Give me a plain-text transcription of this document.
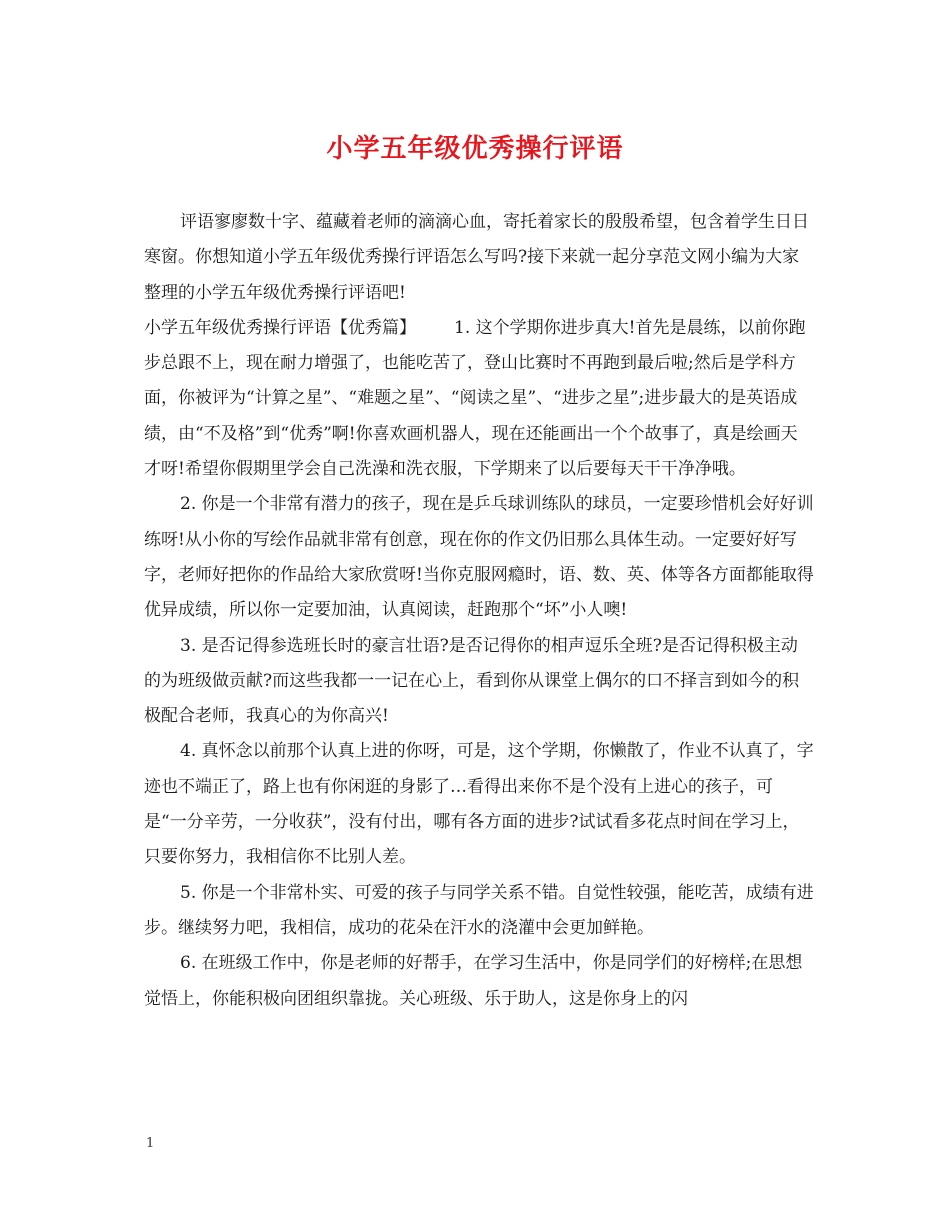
小学五年级优秀操行评语

评语寥廖数十字、蕴藏着老师的滴滴心血，寄托着家长的殷殷希望，包含着学生日日寒窗。你想知道小学五年级优秀操行评语怎么写吗?接下来就一起分享范文网小编为大家整理的小学五年级优秀操行评语吧!

小学五年级优秀操行评语【优秀篇】 1. 这个学期你进步真大!首先是晨练，以前你跑步总跟不上，现在耐力增强了，也能吃苦了，登山比赛时不再跑到最后啦;然后是学科方面，你被评为“计算之星”、“难题之星”、“阅读之星”、“进步之星”;进步最大的是英语成绩，由“不及格”到“优秀”啊!你喜欢画机器人，现在还能画出一个个故事了，真是绘画天才呀!希望你假期里学会自己洗澡和洗衣服，下学期来了以后要每天干干净净哦。

2. 你是一个非常有潜力的孩子，现在是乒乓球训练队的球员，一定要珍惜机会好好训练呀!从小你的写绘作品就非常有创意，现在你的作文仍旧那么具体生动。一定要好好写字，老师好把你的作品给大家欣赏呀!当你克服网瘾时，语、数、英、体等各方面都能取得优异成绩，所以你一定要加油，认真阅读，赶跑那个“坏”小人噢!

3. 是否记得参选班长时的豪言壮语?是否记得你的相声逗乐全班?是否记得积极主动的为班级做贡献?而这些我都一一记在心上，看到你从课堂上偶尔的口不择言到如今的积极配合老师，我真心的为你高兴!

4. 真怀念以前那个认真上进的你呀，可是，这个学期，你懒散了，作业不认真了，字迹也不端正了，路上也有你闲逛的身影了…看得出来你不是个没有上进心的孩子，可是“一分辛劳，一分收获”，没有付出，哪有各方面的进步?试试看多花点时间在学习上，只要你努力，我相信你不比别人差。

5. 你是一个非常朴实、可爱的孩子与同学关系不错。自觉性较强，能吃苦，成绩有进步。继续努力吧，我相信，成功的花朵在汗水的浇灌中会更加鲜艳。

6. 在班级工作中，你是老师的好帮手，在学习生活中，你是同学们的好榜样;在思想觉悟上，你能积极向团组织靠拢。关心班级、乐于助人，这是你身上的闪

1
